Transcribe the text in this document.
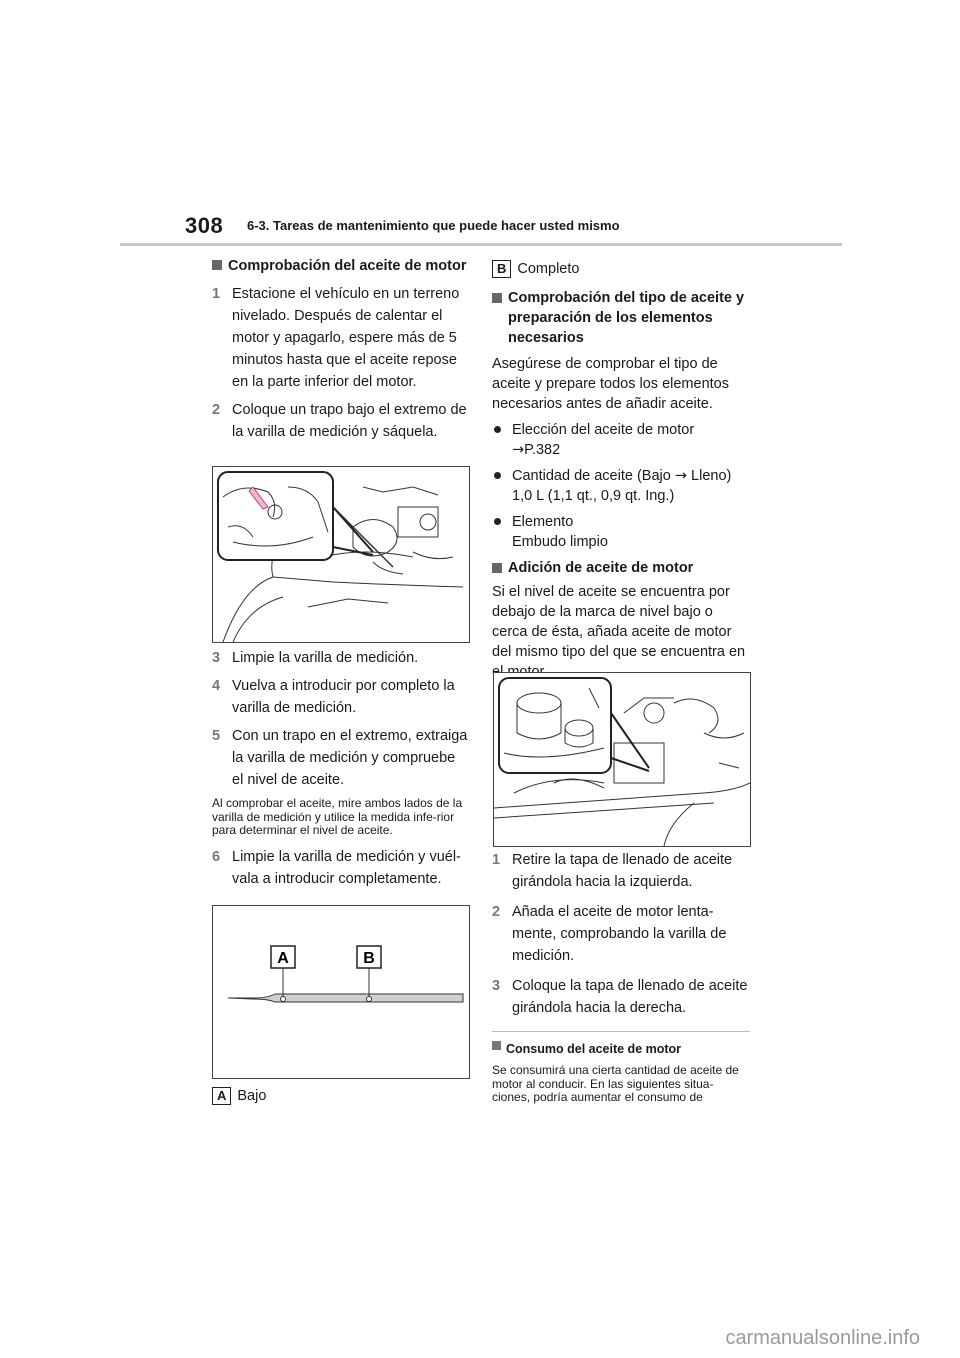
308 6-3. Tareas de mantenimiento que puede hacer usted mismo
Comprobación del aceite de motor
1 Estacione el vehículo en un terreno nivelado. Después de calentar el motor y apagarlo, espere más de 5 minutos hasta que el aceite repose en la parte inferior del motor.
2 Coloque un trapo bajo el extremo de la varilla de medición y sáquela.
3 Limpie la varilla de medición.
4 Vuelva a introducir por completo la varilla de medición.
5 Con un trapo en el extremo, extraiga la varilla de medición y compruebe el nivel de aceite.
Al comprobar el aceite, mire ambos lados de la varilla de medición y utilice la medida infe-rior para determinar el nivel de aceite.
6 Limpie la varilla de medición y vuél-vala a introducir completamente.
A	B
A Bajo
B Completo
Comprobación del tipo de aceite y preparación de los elementos necesarios
Asegúrese de comprobar el tipo de aceite y prepare todos los elementos necesarios antes de añadir aceite.
Elección del aceite de motor
→P.382
Cantidad de aceite (Bajo → Lleno)
1,0 L (1,1 qt., 0,9 qt. Ing.)
Elemento
Embudo limpio
Adición de aceite de motor
Si el nivel de aceite se encuentra por debajo de la marca de nivel bajo o cerca de ésta, añada aceite de motor del mismo tipo del que se encuentra en
1 Retire la tapa de llenado de aceite girándola hacia la izquierda.
2 Añada el aceite de motor lenta-mente, comprobando la varilla de medición.
3 Coloque la tapa de llenado de aceite girándola hacia la derecha.
Consumo del aceite de motor
Se consumirá una cierta cantidad de aceite de motor al conducir. En las siguientes situa-ciones, podría aumentar el consumo de
carmanualsonline.info
